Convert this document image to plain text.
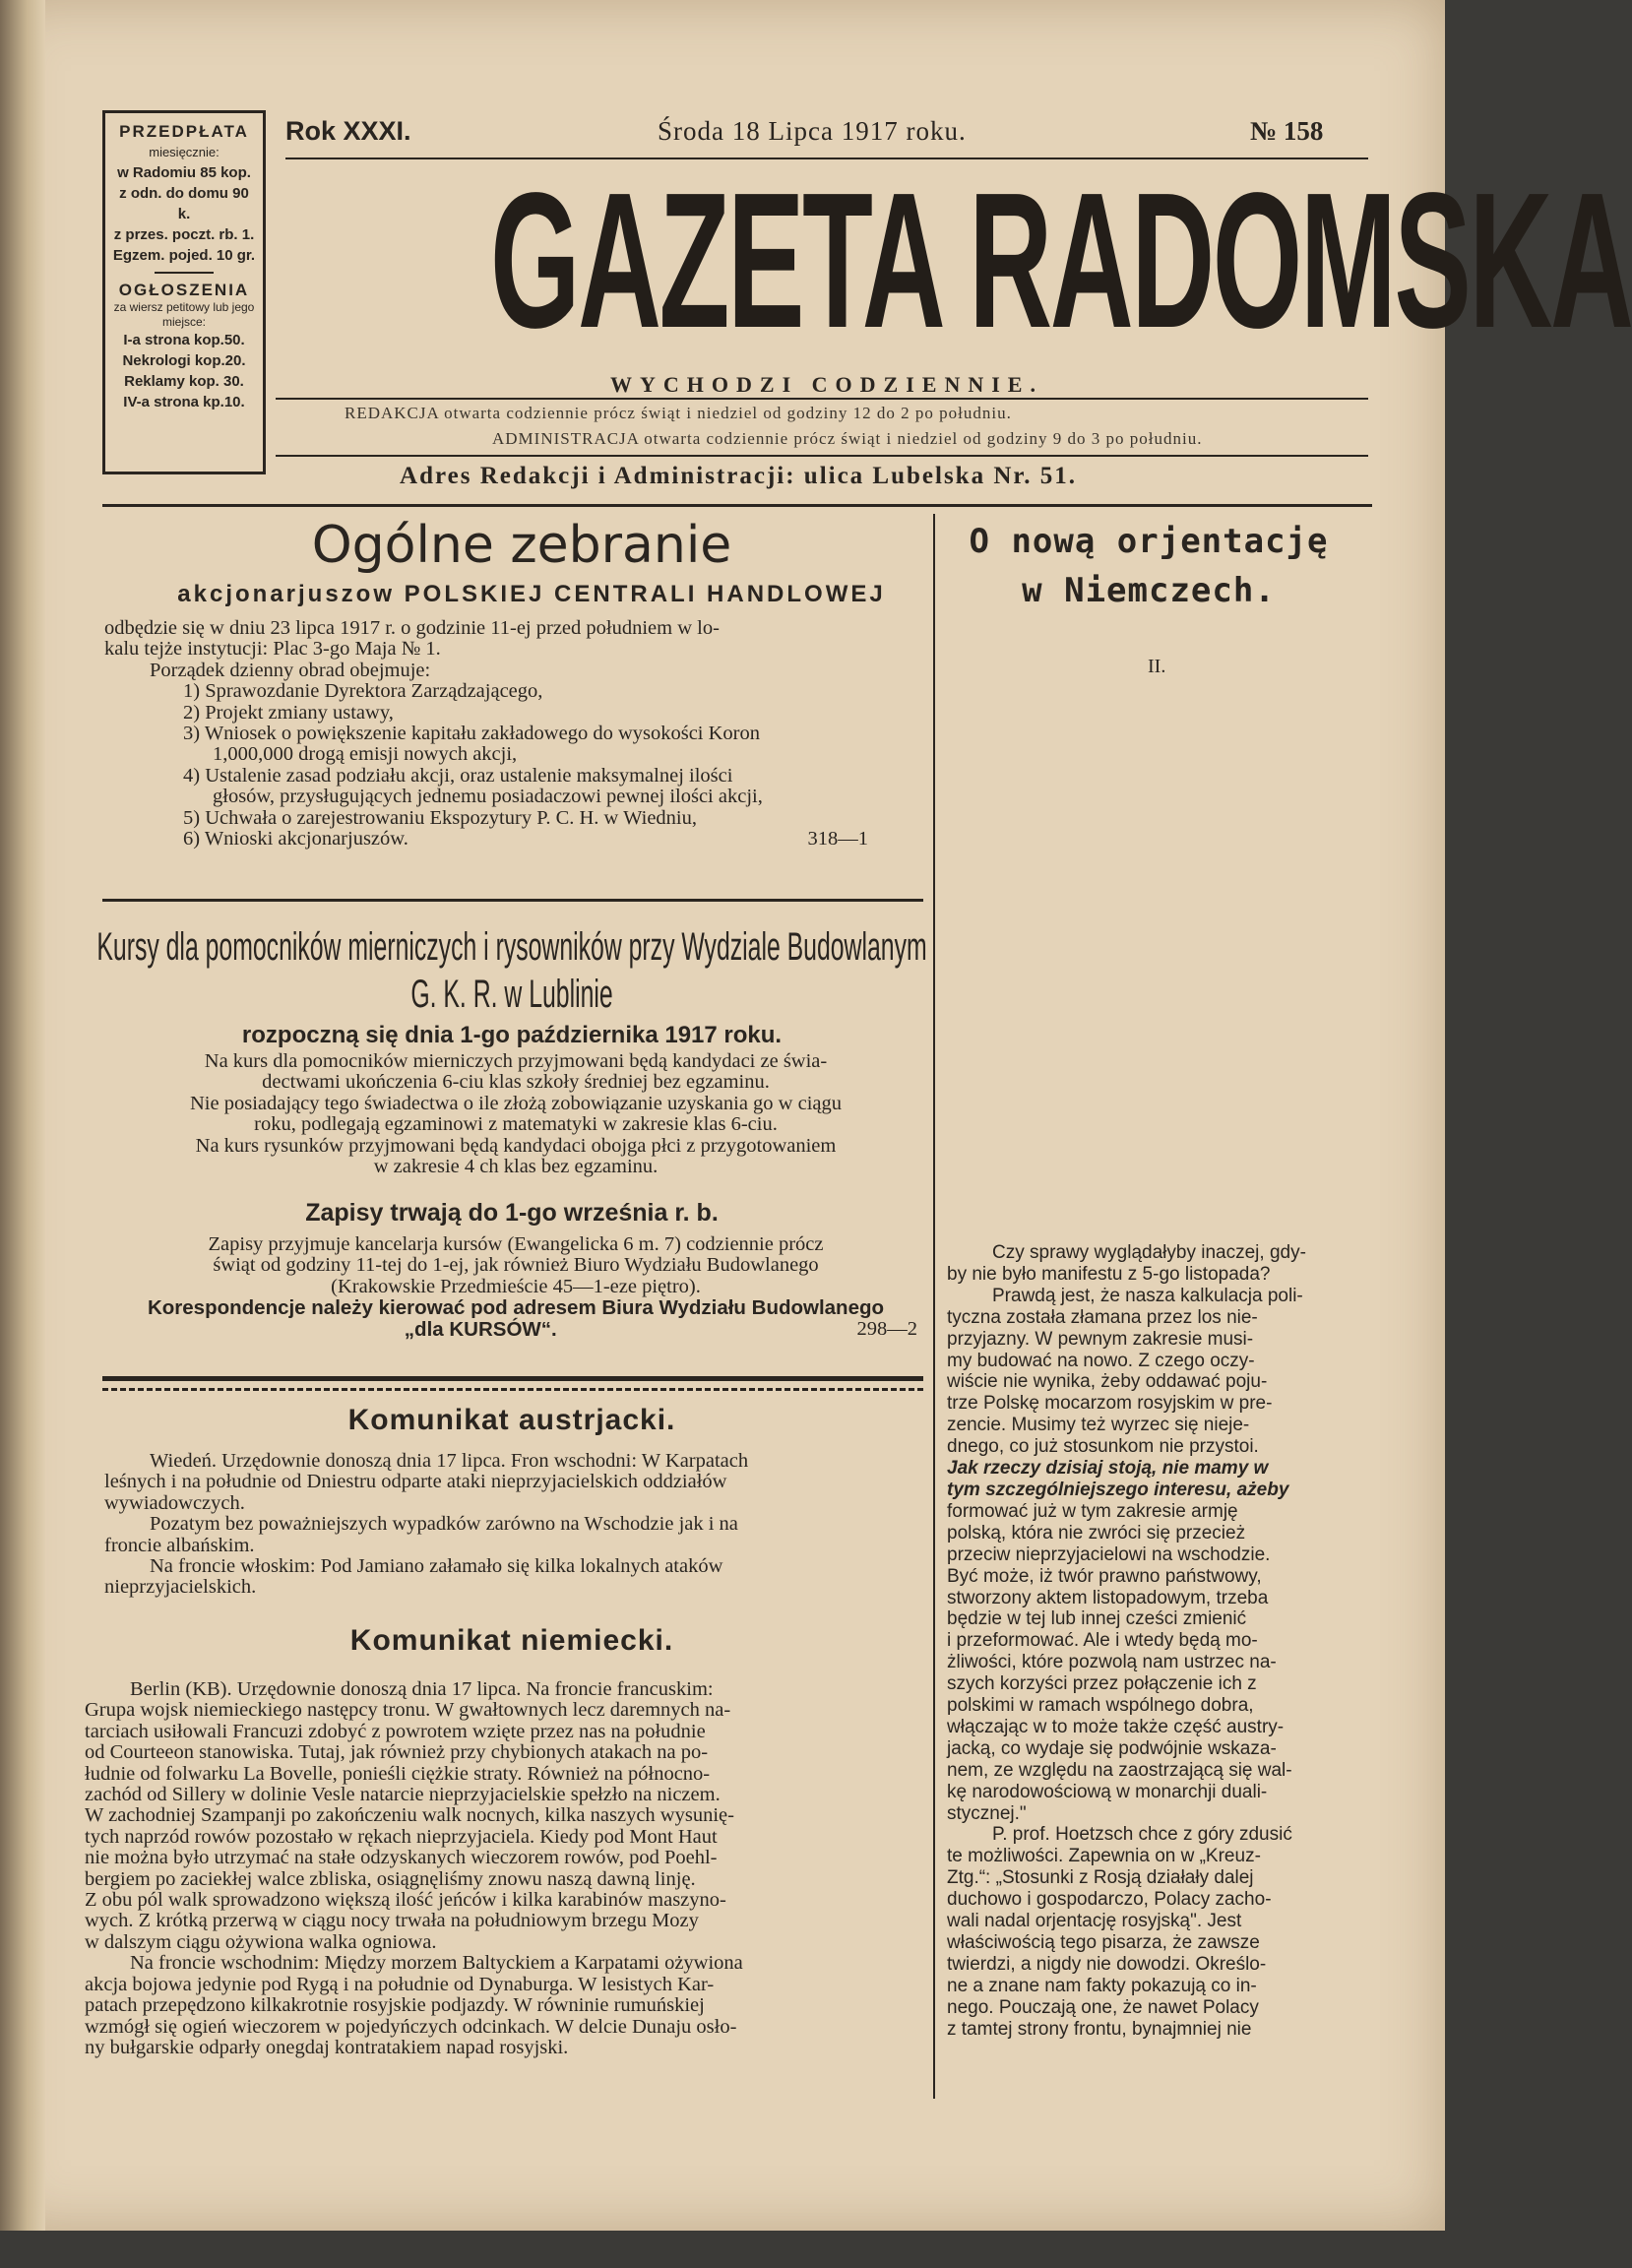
PRZEDPŁATA
miesięcznie:
w Radomiu 85 kop.
z odn. do domu 90 k.
z przes. poczt. rb. 1.
Egzem. pojed. 10 gr.
OGŁOSZENIA
za wiersz petitowy lub jego miejsce:
I-a strona kop.50.
Nekrologi kop.20.
Reklamy kop. 30.
IV-a strona kp.10.
Rok XXXI.	Środa 18 Lipca 1917 roku.	№ 158
GAZETA RADOMSKA
WYCHODZI CODZIENNIE.
REDAKCJA otwarta codziennie prócz świąt i niedziel od godziny 12 do 2 po południu.
ADMINISTRACJA otwarta codziennie prócz świąt i niedziel od godziny 9 do 3 po południu.
Adres Redakcji i Administracji: ulica Lubelska Nr. 51.
Ogólne zebranie
akcjonarjuszow POLSKIEJ CENTRALI HANDLOWEJ

odbędzie się w dniu 23 lipca 1917 r. o godzinie 11-ej przed południem w lo-

kalu tejże instytucji: Plac 3-go Maja № 1.

Porządek dzienny obrad obejmuje:

1) Sprawozdanie Dyrektora Zarządzającego,

2) Projekt zmiany ustawy,

3) Wniosek o powiększenie kapitału zakładowego do wysokości Koron

1,000,000 drogą emisji nowych akcji,

4) Ustalenie zasad podziału akcji, oraz ustalenie maksymalnej ilości

głosów, przysługujących jednemu posiadaczowi pewnej ilości akcji,

5) Uchwała o zarejestrowaniu Ekspozytury P. C. H. w Wiedniu,

6) Wnioski akcjonarjuszów.	318—1

Kursy dla pomocników mierniczych i rysowników przy Wydziale Budowlanym
G. K. R. w Lublinie
rozpoczną się dnia 1-go października 1917 roku.

Na kurs dla pomocników mierniczych przyjmowani będą kandydaci ze świa-

dectwami ukończenia 6-ciu klas szkoły średniej bez egzaminu.

Nie posiadający tego świadectwa o ile złożą zobowiązanie uzyskania go w ciągu

roku, podlegają egzaminowi z matematyki w zakresie klas 6-ciu.

Na kurs rysunków przyjmowani będą kandydaci obojga płci z przygotowaniem

w zakresie 4 ch klas bez egzaminu.

Zapisy trwają do 1-go września r. b.

Zapisy przyjmuje kancelarja kursów (Ewangelicka 6 m. 7) codziennie prócz

świąt od godziny 11-tej do 1-ej, jak również Biuro Wydziału Budowlanego

(Krakowskie Przedmieście 45—1-eze piętro).

Korespondencje należy kierować pod adresem Biura Wydziału Budowlanego

„dla KURSÓW“.	298—2

Komunikat austrjacki.

Wiedeń. Urzędownie donoszą dnia 17 lipca. Fron wschodni: W Karpatach

leśnych i na południe od Dniestru odparte ataki nieprzyjacielskich oddziałów

wywiadowczych.

Pozatym bez poważniejszych wypadków zarówno na Wschodzie jak i na

froncie albańskim.

Na froncie włoskim: Pod Jamiano załamało się kilka lokalnych ataków

nieprzyjacielskich.

Komunikat niemiecki.

Berlin (KB). Urzędownie donoszą dnia 17 lipca. Na froncie francuskim:

Grupa wojsk niemieckiego następcy tronu. W gwałtownych lecz daremnych na-

tarciach usiłowali Francuzi zdobyć z powrotem wzięte przez nas na południe

od Courteeon stanowiska. Tutaj, jak również przy chybionych atakach na po-

łudnie od folwarku La Bovelle, ponieśli ciężkie straty. Również na północno-

zachód od Sillery w dolinie Vesle natarcie nieprzyjacielskie spełzło na niczem.

W zachodniej Szampanji po zakończeniu walk nocnych, kilka naszych wysunię-

tych naprzód rowów pozostało w rękach nieprzyjaciela. Kiedy pod Mont Haut

nie można było utrzymać na stałe odzyskanych wieczorem rowów, pod Poehl-

bergiem po zaciekłej walce zbliska, osiągnęliśmy znowu naszą dawną linję.

Z obu pól walk sprowadzono większą ilość jeńców i kilka karabinów maszyno-

wych. Z krótką przerwą w ciągu nocy trwała na południowym brzegu Mozy

w dalszym ciągu ożywiona walka ogniowa.

Na froncie wschodnim: Między morzem Baltyckiem a Karpatami ożywiona

akcja bojowa jedynie pod Rygą i na południe od Dynaburga. W lesistych Kar-

patach przepędzono kilkakrotnie rosyjskie podjazdy. W równinie rumuńskiej

wzmógł się ogień wieczorem w pojedyńczych odcinkach. W delcie Dunaju osło-

ny bułgarskie odparły onegdaj kontratakiem napad rosyjski.

O nową orjentację
w Niemczech.
II.

Czy sprawy wyglądałyby inaczej, gdy-

by nie było manifestu z 5-go listopada?

Prawdą jest, że nasza kalkulacja poli-

tyczna została złamana przez los nie-

przyjazny. W pewnym zakresie musi-

my budować na nowo. Z czego oczy-

wiście nie wynika, żeby oddawać poju-

trze Polskę mocarzom rosyjskim w pre-

zencie. Musimy też wyrzec się nieje-

dnego, co już stosunkom nie przystoi.

Jak rzeczy dzisiaj stoją, nie mamy w

tym szczególniejszego interesu, ażeby

formować już w tym zakresie armję

polską, która nie zwróci się przecież

przeciw nieprzyjacielowi na wschodzie.

Być może, iż twór prawno państwowy,

stworzony aktem listopadowym, trzeba

będzie w tej lub innej cześci zmienić

i przeformować. Ale i wtedy będą mo-

żliwości, które pozwolą nam ustrzec na-

szych korzyści przez połączenie ich z

polskimi w ramach wspólnego dobra,

włączając w to może także część austry-

jacką, co wydaje się podwójnie wskaza-

nem, ze względu na zaostrzającą się wal-

kę narodowościową w monarchji duali-

stycznej."

P. prof. Hoetzsch chce z góry zdusić

te możliwości. Zapewnia on w „Kreuz-

Ztg.“: „Stosunki z Rosją działały dalej

duchowo i gospodarczo, Polacy zacho-

wali nadal orjentację rosyjską". Jest

właściwością tego pisarza, że zawsze

twierdzi, a nigdy nie dowodzi. Określo-

ne a znane nam fakty pokazują co in-

nego. Pouczają one, że nawet Polacy

z tamtej strony frontu, bynajmniej nie
